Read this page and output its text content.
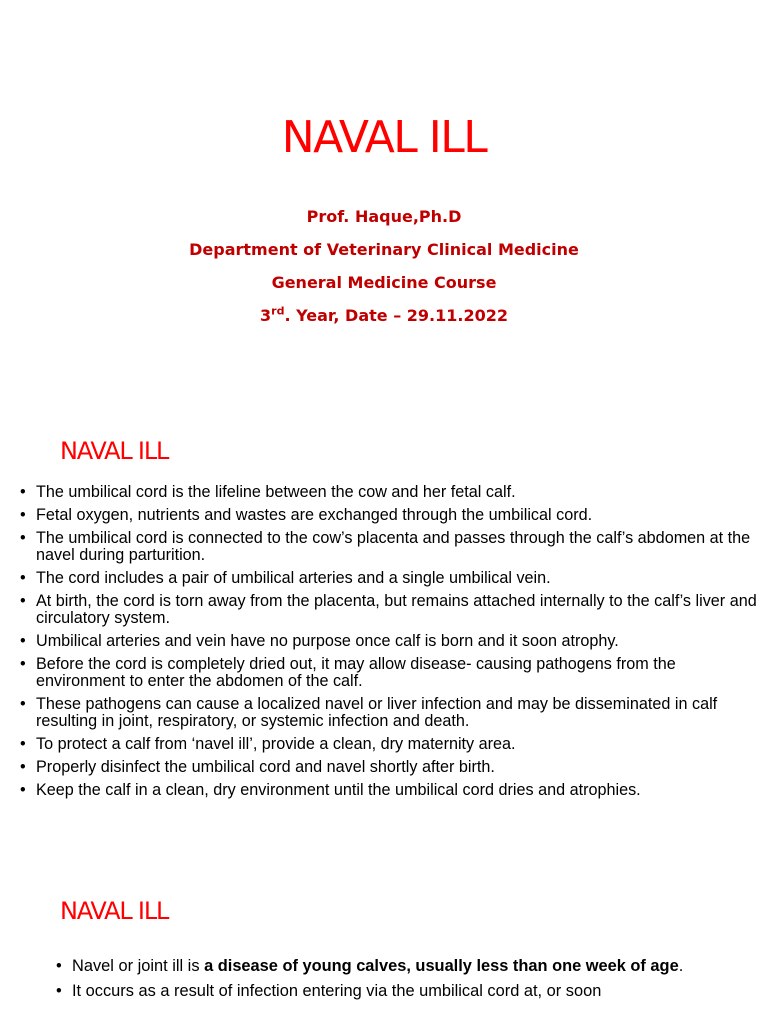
NAVAL ILL
Prof. Haque,Ph.D
Department of Veterinary Clinical Medicine
General Medicine Course
3rd. Year, Date – 29.11.2022
NAVAL ILL
• The umbilical cord is the lifeline between the cow and her fetal calf.
• Fetal oxygen, nutrients and wastes are exchanged through the umbilical cord.
• The umbilical cord is connected to the cow’s placenta and passes through the calf’s abdomen at the navel during parturition.
• The cord includes a pair of umbilical arteries and a single umbilical vein.
• At birth, the cord is torn away from the placenta, but remains attached internally to the calf’s liver and circulatory system.
• Umbilical arteries and vein have no purpose once calf is born and it soon atrophy.
• Before the cord is completely dried out, it may allow disease- causing pathogens from the environment to enter the abdomen of the calf.
• These pathogens can cause a localized navel or liver infection and may be disseminated in calf resulting in joint, respiratory, or systemic infection and death.
• To protect a calf from ‘navel ill’, provide a clean, dry maternity area.
• Properly disinfect the umbilical cord and navel shortly after birth.
• Keep the calf in a clean, dry environment until the umbilical cord dries and atrophies.
NAVAL ILL
• Navel or joint ill is a disease of young calves, usually less than one week of age.
• It occurs as a result of infection entering via the umbilical cord at, or soon
